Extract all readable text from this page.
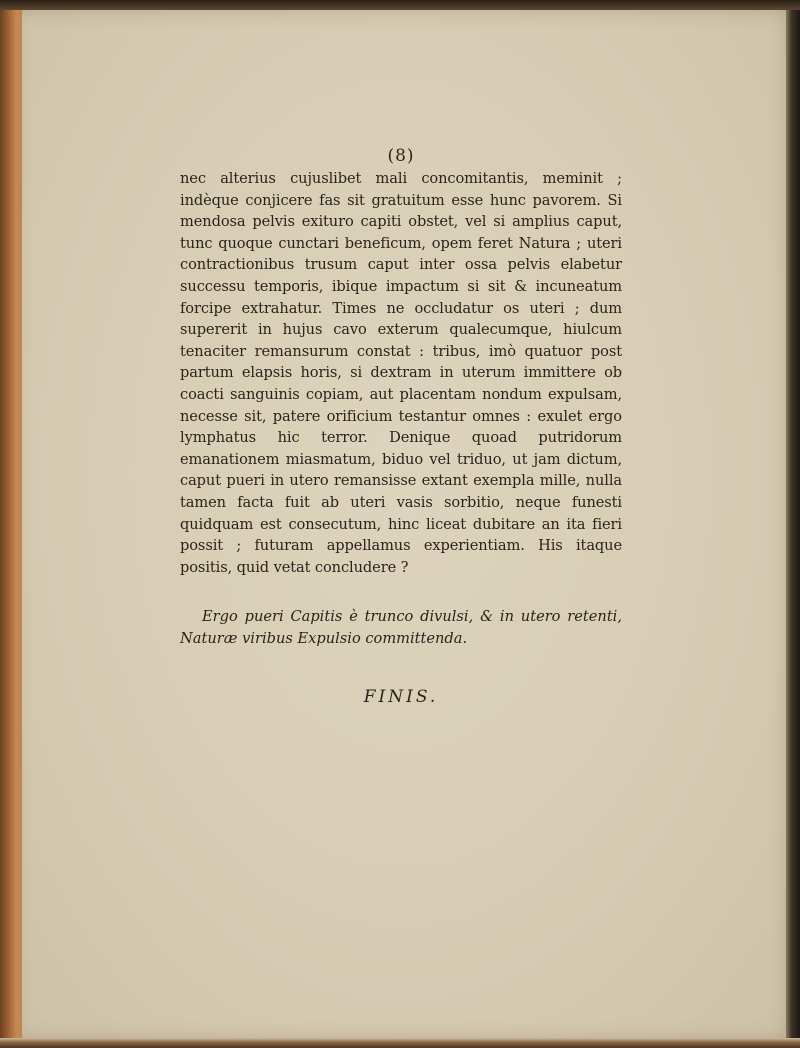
(8)

nec alterius cujuslibet mali concomitantis, meminit ; indèque conjicere fas sit gratuitum esse hunc pavorem. Si mendosa pelvis exituro capiti obstet, vel si amplius caput, tunc quoque cunctari beneficum, opem feret Natura ; uteri contractionibus trusum caput inter ossa pelvis elabetur successu temporis, ibique impactum si sit & incuneatum forcipe extrahatur. Times ne occludatur os uteri ; dum supererit in hujus cavo exterum qualecumque, hiulcum tenaciter remansurum constat : tribus, imò quatuor post partum elapsis horis, si dextram in uterum immittere ob coacti sanguinis copiam, aut placentam nondum expulsam, necesse sit, patere orificium testantur omnes : exulet ergo lymphatus hic terror. Denique quoad putridorum emanationem miasmatum, biduo vel triduo, ut jam dictum, caput pueri in utero remansisse extant exempla mille, nulla tamen facta fuit ab uteri vasis sorbitio, neque funesti quidquam est consecutum, hinc liceat dubitare an ita fieri possit ; futuram appellamus experientiam. His itaque positis, quid vetat concludere ?

Ergo pueri Capitis è trunco divulsi, & in utero retenti, Naturæ viribus Expulsio committenda.

FINIS.
